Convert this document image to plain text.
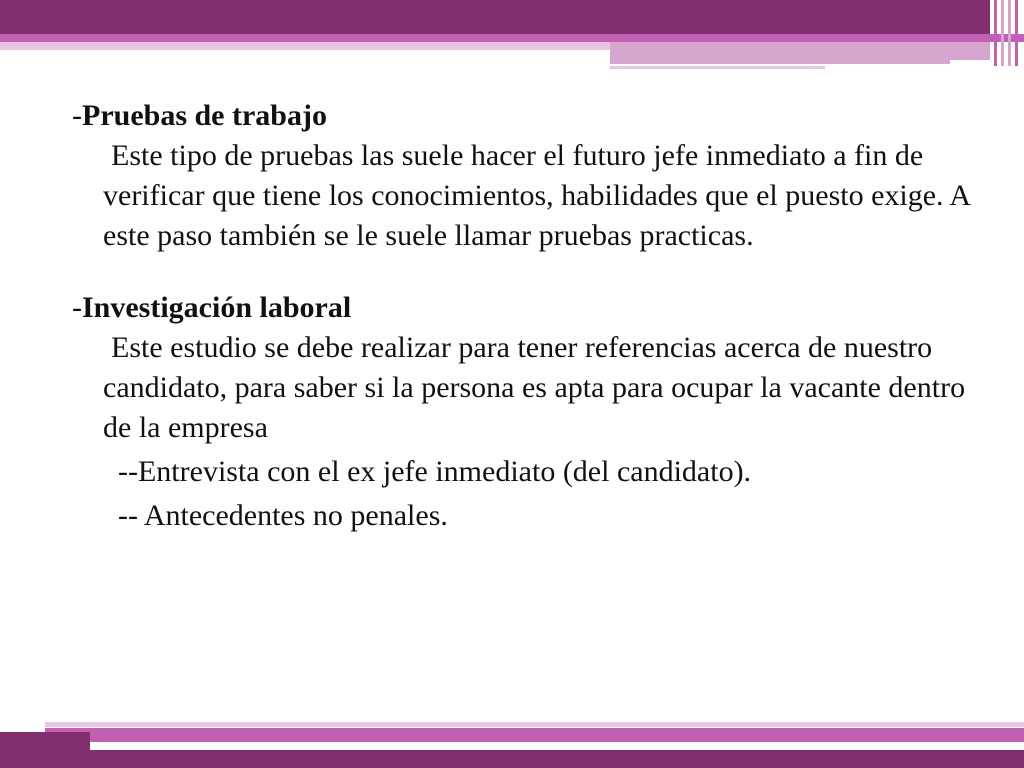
-Pruebas de trabajo

Este tipo de pruebas las suele hacer el futuro jefe inmediato a fin de verificar que tiene los conocimientos, habilidades que el puesto exige. A este paso también se le suele llamar pruebas practicas.

-Investigación laboral

Este estudio se debe realizar para tener referencias acerca de nuestro candidato, para saber si la persona es apta para ocupar la vacante dentro de la empresa

--Entrevista con el ex jefe inmediato (del candidato).

-- Antecedentes no penales.
